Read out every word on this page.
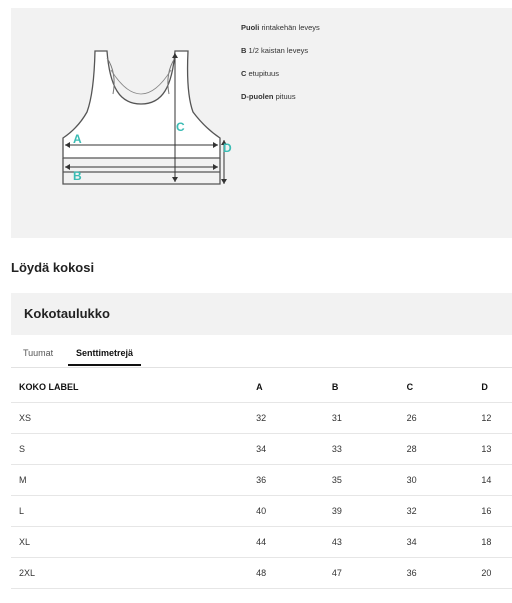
A
B
C
D
Puoli rintakehän leveys
B 1/2 kaistan leveys
C etupituus
D-puolen pituus
Löydä kokosi
Kokotaulukko
Tuumat	Senttimetrejä
KOKO LABEL	A	B	C	D
XS	32	31	26	12
S	34	33	28	13
M	36	35	30	14
L	40	39	32	16
XL	44	43	34	18
2XL	48	47	36	20
